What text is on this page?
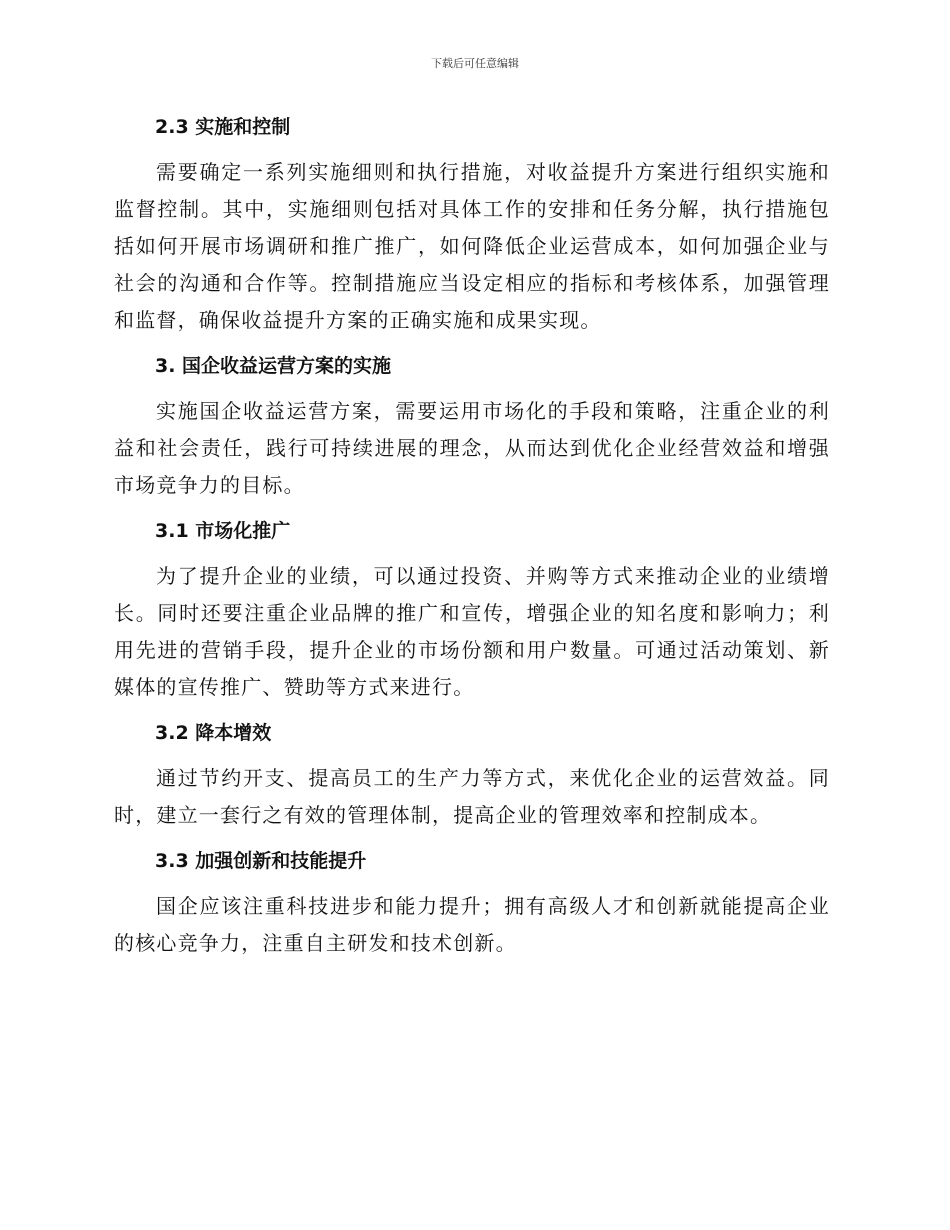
下载后可任意编辑
2.3 实施和控制

需要确定一系列实施细则和执行措施，对收益提升方案进行组织实施和监督控制。其中，实施细则包括对具体工作的安排和任务分解，执行措施包括如何开展市场调研和推广推广，如何降低企业运营成本，如何加强企业与社会的沟通和合作等。控制措施应当设定相应的指标和考核体系，加强管理和监督，确保收益提升方案的正确实施和成果实现。

3. 国企收益运营方案的实施

实施国企收益运营方案，需要运用市场化的手段和策略，注重企业的利益和社会责任，践行可持续进展的理念，从而达到优化企业经营效益和增强市场竞争力的目标。

3.1 市场化推广

为了提升企业的业绩，可以通过投资、并购等方式来推动企业的业绩增长。同时还要注重企业品牌的推广和宣传，增强企业的知名度和影响力；利用先进的营销手段，提升企业的市场份额和用户数量。可通过活动策划、新媒体的宣传推广、赞助等方式来进行。

3.2 降本增效

通过节约开支、提高员工的生产力等方式，来优化企业的运营效益。同时，建立一套行之有效的管理体制，提高企业的管理效率和控制成本。

3.3 加强创新和技能提升

国企应该注重科技进步和能力提升；拥有高级人才和创新就能提高企业的核心竞争力，注重自主研发和技术创新。
